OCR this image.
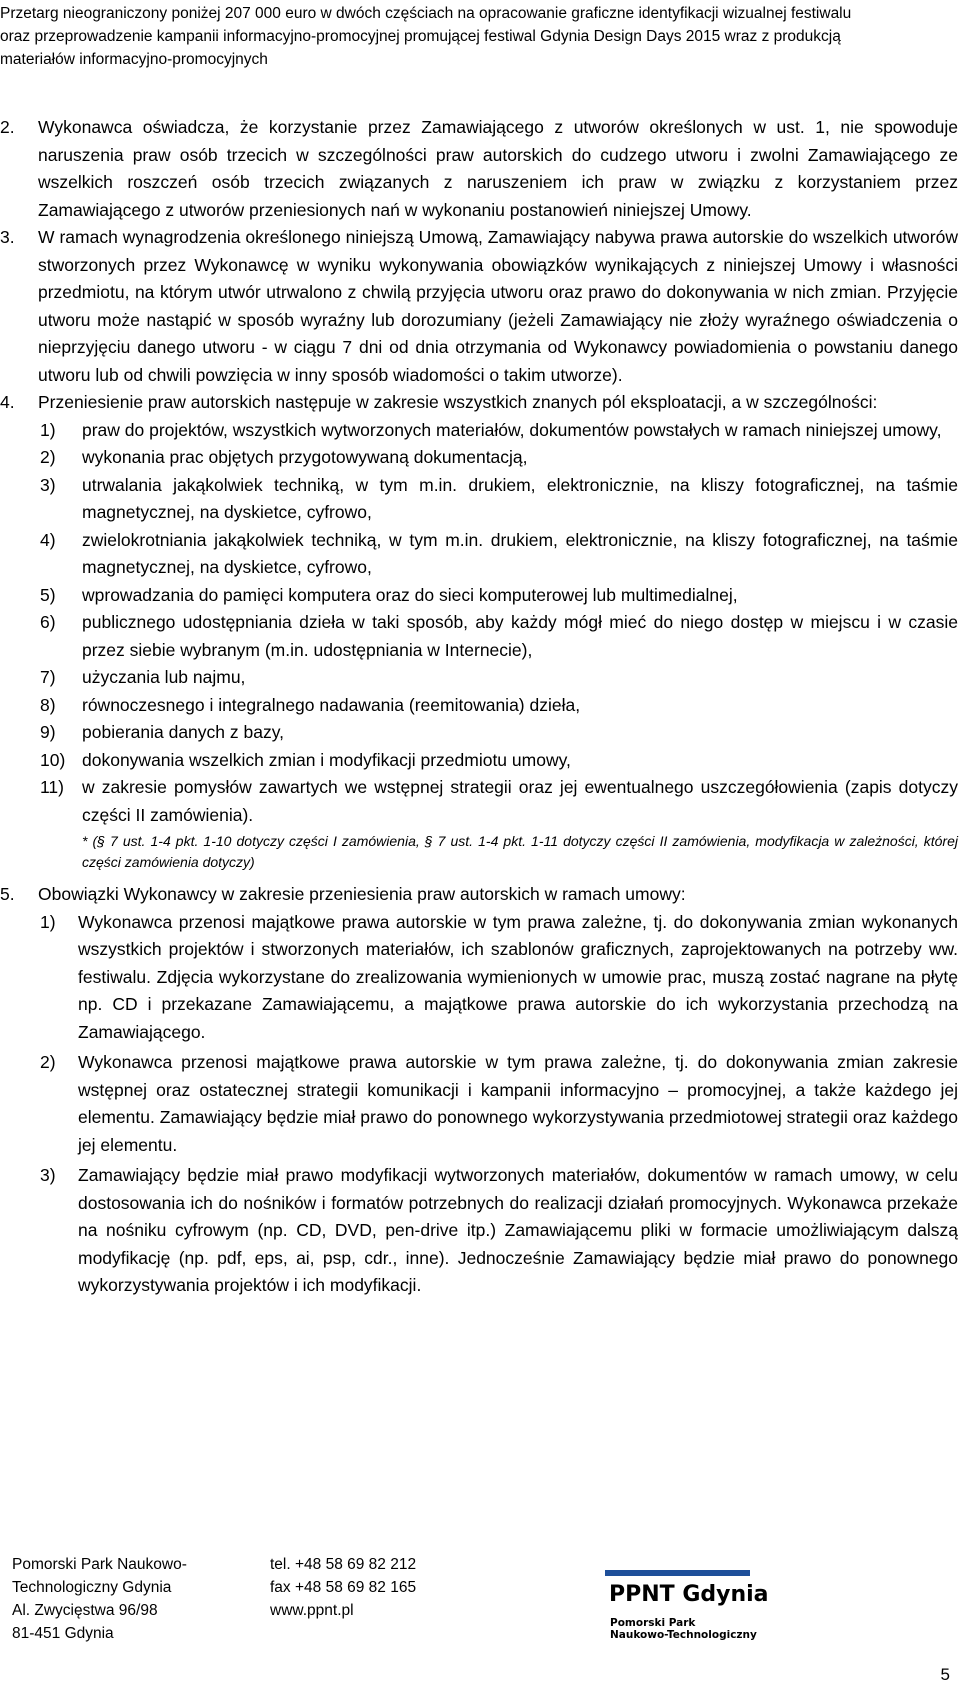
Przetarg nieograniczony poniżej 207 000 euro w dwóch częściach na opracowanie graficzne identyfikacji wizualnej festiwalu
oraz przeprowadzenie kampanii informacyjno-promocyjnej promującej festiwal Gdynia Design Days 2015 wraz z produkcją
materiałów informacyjno-promocyjnych
2. Wykonawca oświadcza, że korzystanie przez Zamawiającego z utworów określonych w ust. 1, nie spowoduje naruszenia praw osób trzecich w szczególności praw autorskich do cudzego utworu i zwolni Zamawiającego ze wszelkich roszczeń osób trzecich związanych z naruszeniem ich praw w związku z korzystaniem przez Zamawiającego z utworów przeniesionych nań w wykonaniu postanowień niniejszej Umowy.
3. W ramach wynagrodzenia określonego niniejszą Umową, Zamawiający nabywa prawa autorskie do wszelkich utworów stworzonych przez Wykonawcę w wyniku wykonywania obowiązków wynikających z niniejszej Umowy i własności przedmiotu, na którym utwór utrwalono z chwilą przyjęcia utworu oraz prawo do dokonywania w nich zmian. Przyjęcie utworu może nastąpić w sposób wyraźny lub dorozumiany (jeżeli Zamawiający nie złoży wyraźnego oświadczenia o nieprzyjęciu danego utworu - w ciągu 7 dni od dnia otrzymania od Wykonawcy powiadomienia o powstaniu danego utworu lub od chwili powzięcia w inny sposób wiadomości o takim utworze).
4. Przeniesienie praw autorskich następuje w zakresie wszystkich znanych pól eksploatacji, a w szczególności:
1) praw do projektów, wszystkich wytworzonych materiałów, dokumentów powstałych w ramach niniejszej umowy,
2) wykonania prac objętych przygotowywaną dokumentacją,
3) utrwalania jakąkolwiek techniką, w tym m.in. drukiem, elektronicznie, na kliszy fotograficznej, na taśmie magnetycznej, na dyskietce, cyfrowo,
4) zwielokrotniania jakąkolwiek techniką, w tym m.in. drukiem, elektronicznie, na kliszy fotograficznej, na taśmie magnetycznej, na dyskietce, cyfrowo,
5) wprowadzania do pamięci komputera oraz do sieci komputerowej lub multimedialnej,
6) publicznego udostępniania dzieła w taki sposób, aby każdy mógł mieć do niego dostęp w miejscu i w czasie przez siebie wybranym (m.in. udostępniania w Internecie),
7) użyczania lub najmu,
8) równoczesnego i integralnego nadawania (reemitowania) dzieła,
9) pobierania danych z bazy,
10) dokonywania wszelkich zmian i modyfikacji przedmiotu umowy,
11) w zakresie pomysłów zawartych we wstępnej strategii oraz jej ewentualnego uszczegółowienia (zapis dotyczy części II zamówienia).
* (§ 7 ust. 1-4 pkt. 1-10 dotyczy części I zamówienia, § 7 ust. 1-4 pkt. 1-11 dotyczy części II zamówienia, modyfikacja w zależności, której części zamówienia dotyczy)
5. Obowiązki Wykonawcy w zakresie przeniesienia praw autorskich w ramach umowy:
1) Wykonawca przenosi majątkowe prawa autorskie w tym prawa zależne, tj. do dokonywania zmian wykonanych wszystkich projektów i stworzonych materiałów, ich szablonów graficznych, zaprojektowanych na potrzeby ww. festiwalu. Zdjęcia wykorzystane do zrealizowania wymienionych w umowie prac, muszą zostać nagrane na płytę np. CD i przekazane Zamawiającemu, a majątkowe prawa autorskie do ich wykorzystania przechodzą na Zamawiającego.
2) Wykonawca przenosi majątkowe prawa autorskie w tym prawa zależne, tj. do dokonywania zmian zakresie wstępnej oraz ostatecznej strategii komunikacji i kampanii informacyjno – promocyjnej, a także każdego jej elementu. Zamawiający będzie miał prawo do ponownego wykorzystywania przedmiotowej strategii oraz każdego jej elementu.
3) Zamawiający będzie miał prawo modyfikacji wytworzonych materiałów, dokumentów w ramach umowy, w celu dostosowania ich do nośników i formatów potrzebnych do realizacji działań promocyjnych. Wykonawca przekaże na nośniku cyfrowym (np. CD, DVD, pen-drive itp.) Zamawiającemu pliki w formacie umożliwiającym dalszą modyfikację (np. pdf, eps, ai, psp, cdr., inne). Jednocześnie Zamawiający będzie miał prawo do ponownego wykorzystywania projektów i ich modyfikacji.
Pomorski Park Naukowo-
Technologiczny Gdynia
Al. Zwycięstwa 96/98
81-451 Gdynia
tel. +48 58 69 82 212
fax +48 58 69 82 165
www.ppnt.pl
PPNT Gdynia
Pomorski Park
Naukowo-Technologiczny
5
